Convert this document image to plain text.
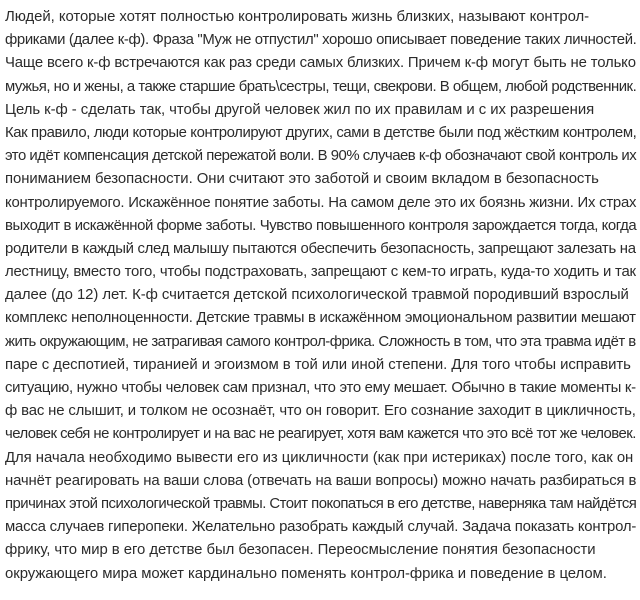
Людей, которые хотят полностью контролировать жизнь близких, называют контрол-
фриками (далее к-ф). Фраза "Муж не отпустил" хорошо описывает поведение таких личностей.
Чаще всего к-ф встречаются как раз среди самых близких. Причем к-ф могут быть не только
мужья, но и жены, а также старшие брать\сестры, тещи, свекрови. В общем, любой родственник.
Цель к-ф - сделать так, чтобы другой человек жил по их правилам и с их разрешения
Как правило, люди которые контролируют других, сами в детстве были под жёстким контролем,
это идёт компенсация детской пережатой воли. В 90% случаев к-ф обозначают свой контроль их
пониманием безопасности. Они считают это заботой и своим вкладом в безопасность
контролируемого. Искажённое понятие заботы. На самом деле это их боязнь жизни. Их страх
выходит в искажённой форме заботы. Чувство повышенного контроля зарождается тогда, когда
родители в каждый след малышу пытаются обеспечить безопасность, запрещают залезать на
лестницу, вместо того, чтобы подстраховать, запрещают с кем-то играть, куда-то ходить и так
далее (до 12) лет. К-ф считается детской психологической травмой породивший взрослый
комплекс неполноценности. Детские травмы в искажённом эмоциональном развитии мешают
жить окружающим, не затрагивая самого контрол-фрика. Сложность в том, что эта травма идёт в
паре с деспотией, тиранией и эгоизмом в той или иной степени. Для того чтобы исправить
ситуацию, нужно чтобы человек сам признал, что это ему мешает. Обычно в такие моменты к-
ф вас не слышит, и толком не осознаёт, что он говорит. Его сознание заходит в цикличность,
человек себя не контролирует и на вас не реагирует, хотя вам кажется что это всё тот же человек.
Для начала необходимо вывести его из цикличности (как при истериках) после того, как он
начнёт реагировать на ваши слова (отвечать на ваши вопросы) можно начать разбираться в
причинах этой психологической травмы. Стоит покопаться в его детстве, наверняка там найдётся
масса случаев гиперопеки. Желательно разобрать каждый случай. Задача показать контрол-
фрику, что мир в его детстве был безопасен. Переосмысление понятия безопасности
окружающего мира может кардинально поменять контрол-фрика и поведение в целом.
